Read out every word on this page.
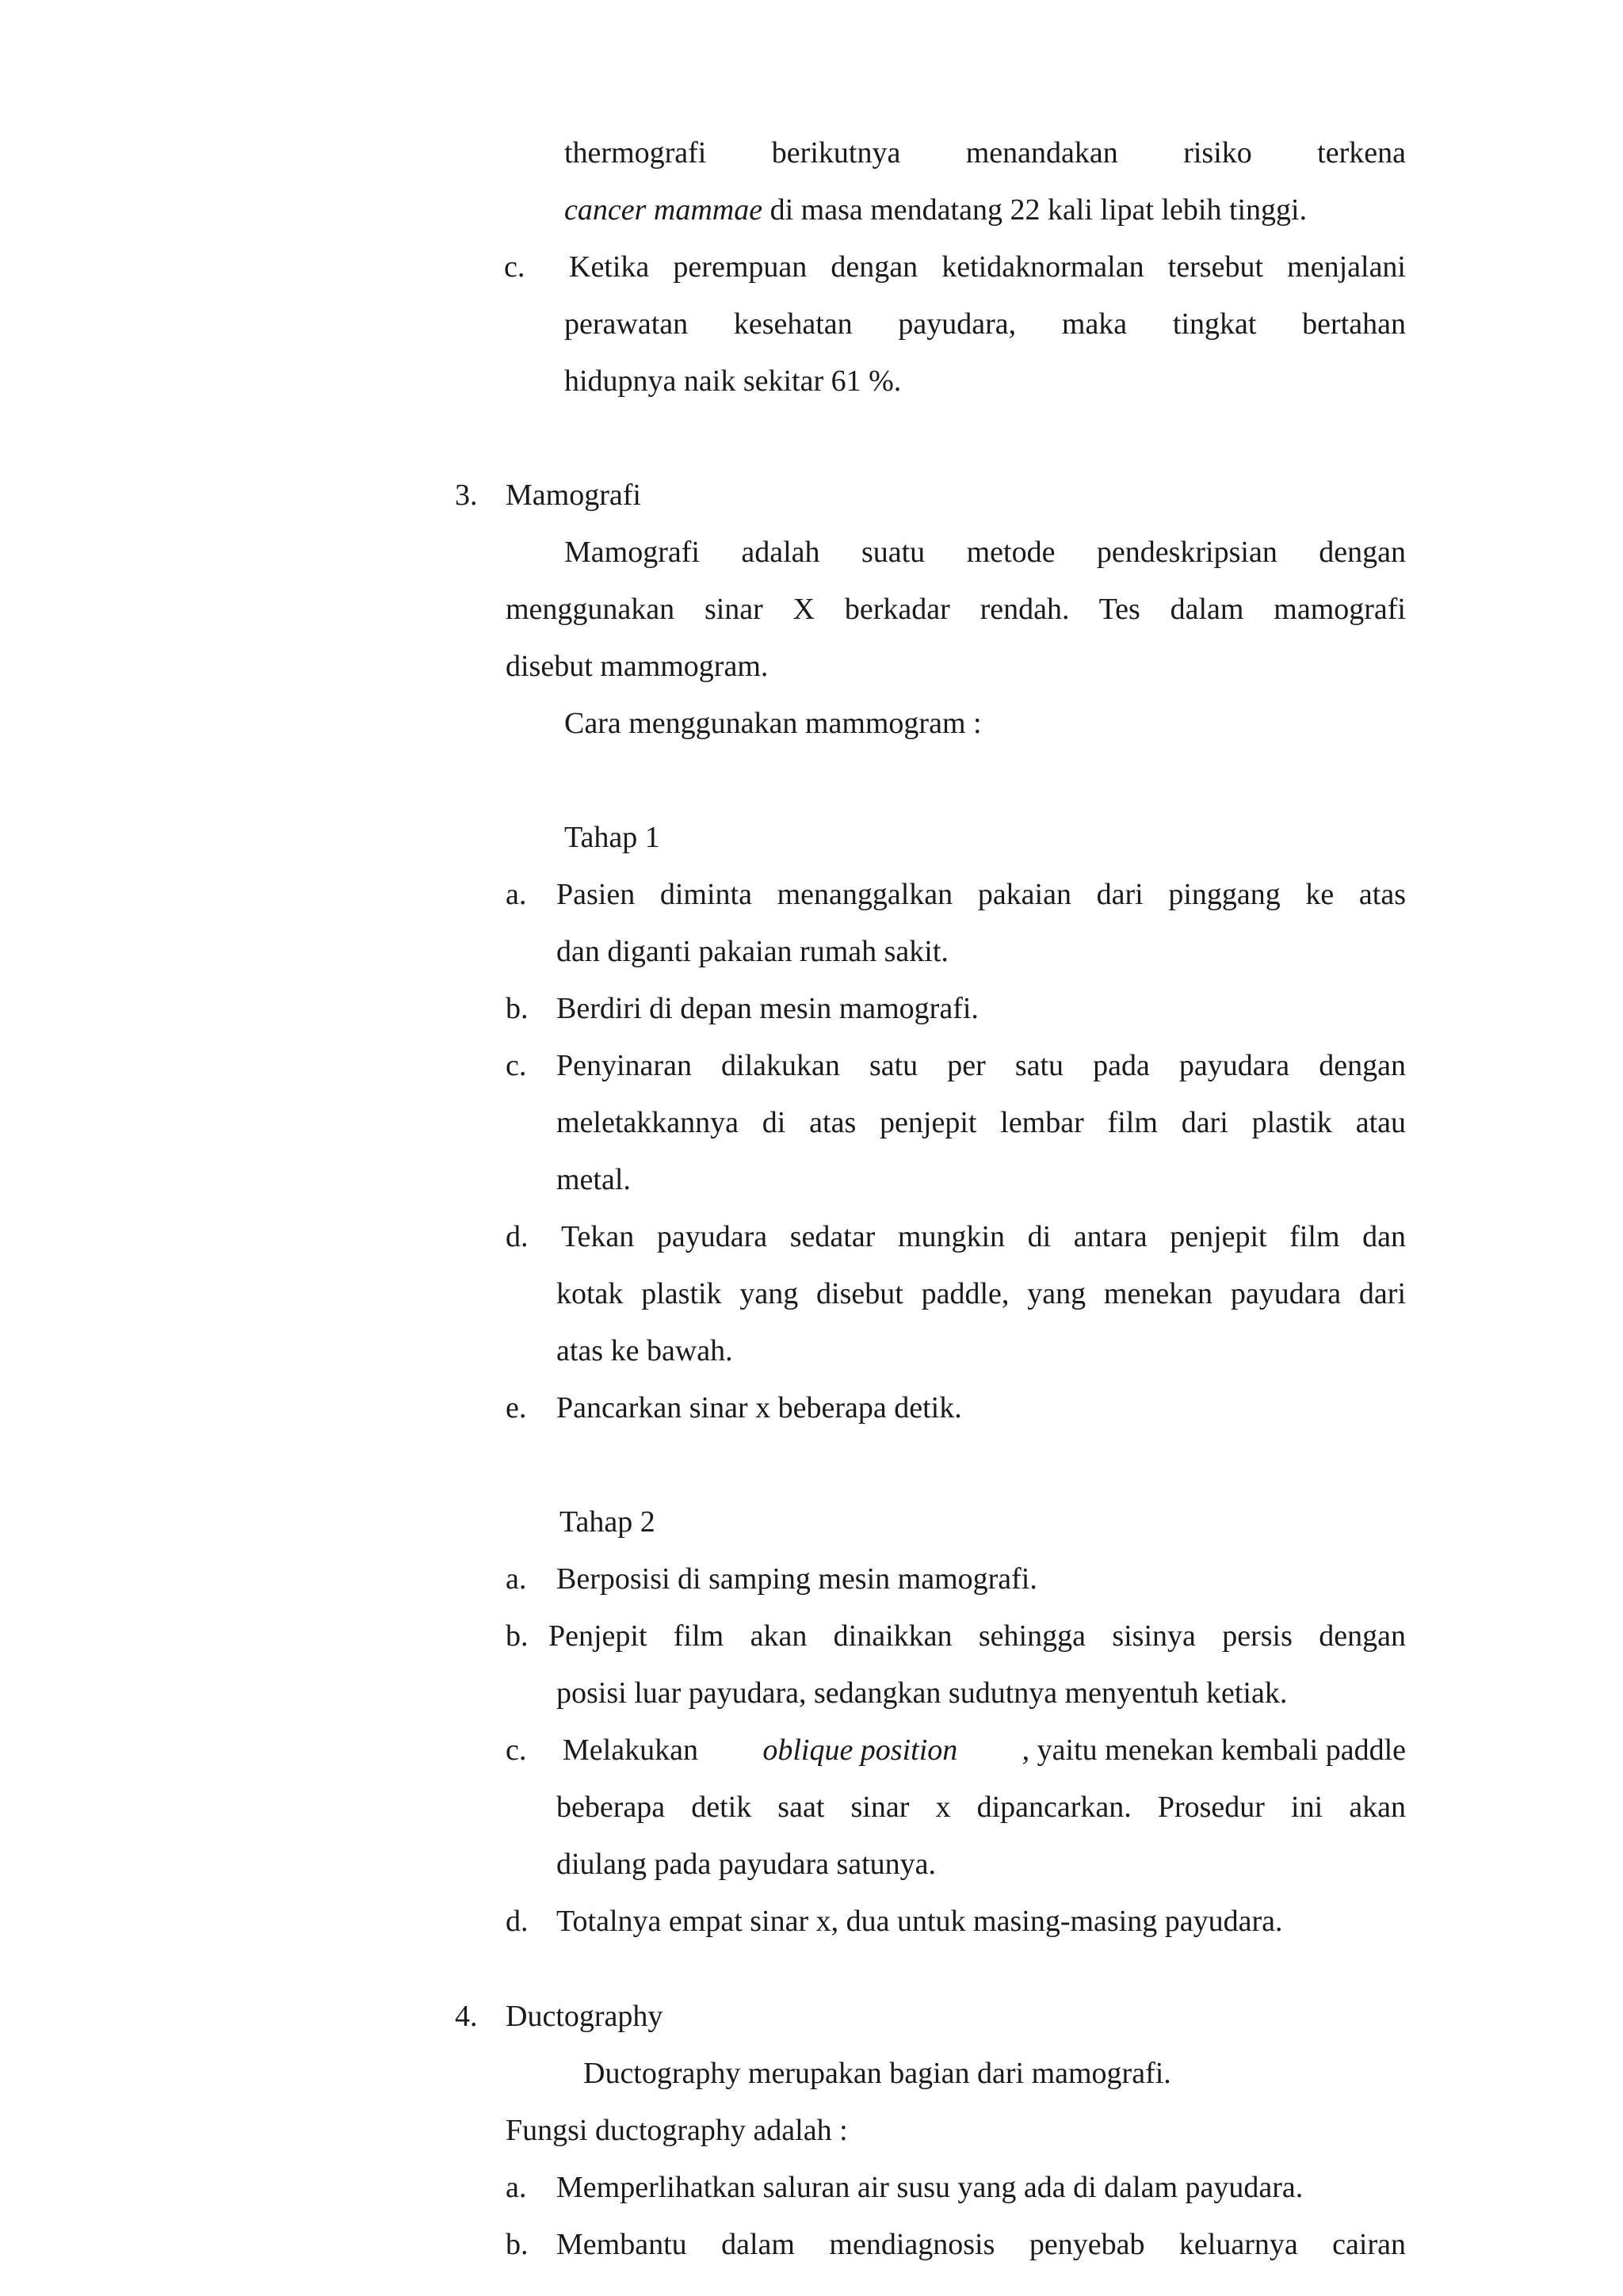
thermografi berikutnya menandakan risiko terkena
cancer mammae di masa mendatang 22 kali lipat lebih tinggi.
c. Ketika perempuan dengan ketidaknormalan tersebut menjalani
perawatan kesehatan payudara, maka tingkat bertahan
hidupnya naik sekitar 61 %.
3. Mamografi
Mamografi adalah suatu metode pendeskripsian dengan
menggunakan sinar X berkadar rendah. Tes dalam mamografi
disebut mammogram.
Cara menggunakan mammogram :
Tahap 1
a. Pasien diminta menanggalkan pakaian dari pinggang ke atas
dan diganti pakaian rumah sakit.
b. Berdiri di depan mesin mamografi.
c. Penyinaran dilakukan satu per satu pada payudara dengan
meletakkannya di atas penjepit lembar film dari plastik atau
metal.
d. Tekan payudara sedatar mungkin di antara penjepit film dan
kotak plastik yang disebut paddle, yang menekan payudara dari
atas ke bawah.
e. Pancarkan sinar x beberapa detik.
Tahap 2
a. Berposisi di samping mesin mamografi.
b. Penjepit film akan dinaikkan sehingga sisinya persis dengan
posisi luar payudara, sedangkan sudutnya menyentuh ketiak.
c. Melakukan oblique position , yaitu menekan kembali paddle
beberapa detik saat sinar x dipancarkan. Prosedur ini akan
diulang pada payudara satunya.
d. Totalnya empat sinar x, dua untuk masing-masing payudara.
4. Ductography
Ductography merupakan bagian dari mamografi.
Fungsi ductography adalah :
a. Memperlihatkan saluran air susu yang ada di dalam payudara.
b. Membantu dalam mendiagnosis penyebab keluarnya cairan
